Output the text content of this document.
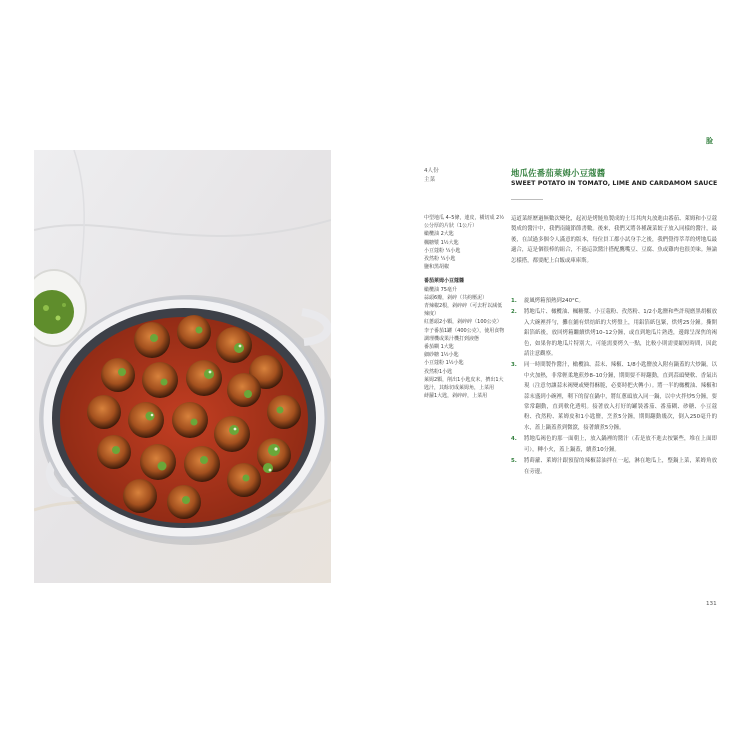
脸
4人份
主菜
地瓜佐番茄萊姆小豆蔻醬
SWEET POTATO IN TOMATO, LIME AND CARDAMOM SAUCE
中型地瓜 4–5條，連皮，橫切成 2½ 公分厚的片狀（1公斤）
橄欖油 2大匙
楓糖漿 1½大匙
小豆蔻粉 ¼小匙
孜然粉 ¼小匙
鹽和黑胡椒
番茄萊姆小豆蔻醬
橄欖油 75毫升
蒜頭6瓣，剁碎（共約壓泥）
青辣椒2根，剁碎碎（可去籽以減低辣度）
紅蔥頭2小顆，剁碎碎（100公克）
李子番茄1罐（400公克），使用食物調理機或果汁機打到液態
番茄糊 1大匙
細砂糖 1½小匙
小豆蔻粉 1½小匙
孜然粉1小匙
萊姆2顆，削出1小匙皮末，擠出1大匙汁，其餘切成萊姆角，上菜用
蒔蘿1大匙，剁碎碎，上菜用
這道菜經歷過無數次變化，起初是烤鮭魚製成的土耳其肉丸放進由番茄、萊姆和小豆蔻製成的醬汁中，我們南隨節節書數。後來，我們又將各種蔬菜餃子放入同樣的醬汁，最後，在試過多個令人滿意的版本，每位員工都小試身手之後，我們覺得萃萃的烤地瓜最適合，這是個很棒的組合，不過這款醬汁搭配鷹嘴豆、豆腐、魚或雞肉也很美味。無論怎樣搭，都要配上白飯或庫庫斯。
1. 旋風烤箱預熱到240°C。
2. 將地瓜片、橄欖油、楓糖漿、小豆蔻粉、孜然粉、1/2小匙鹽和些許現磨黑胡椒放入大碗裡拌勻，攤在鋪有烘焙紙的大烤盤上，用鋁箔紙包緊，烘烤25分鐘。撕開鋁箔紙後，放回烤箱繼續烘烤10–12分鐘，或直到地瓜片熟透，邊緣呈深焦的褐色，如果你的地瓜片特別大，可能需要烤久一點，比較小則需要縮短時間，因此請注意觀察。
3. 同一時間製作醬汁，橄欖油、蒜末、辣椒、1/8小匙鹽放入附有鍋蓋的大炒鍋，以中火加熱，非常輕柔地煎炒8–10分鐘，期間要不時翻動，直到蒜頭變軟、香氣出現（注意勿讓蒜末褐變或變得酥脆，必要時把火轉小）。將一半的橄欖油、辣椒和蒜末盛到小碗裡，剩下的留在鍋中，將紅蔥頭放入同一鍋，以中火拌炒5分鐘，要常常翻動，直到軟化透明。接著放入打好的罐裝番茄、番茄糊、砂糖、小豆蔻粉、孜然粉、萊姆皮和1小匙鹽，烹煮5分鐘，期間翻動幾次，倒入250毫升的水，蓋上鍋蓋煮到微滾，接著續煮5分鐘。
4. 將地瓜褐色的那一面朝上，放入鍋裡的醬汁（若是放不進去按緊些，堆在上面即可），轉小火，蓋上鍋蓋，續煮10分鐘。
5. 將蒔蘿、萊姆汁跟預留的辣椒蒜油拌在一起，淋在地瓜上，整鍋上菜，萊姆角放在旁邊。
131
